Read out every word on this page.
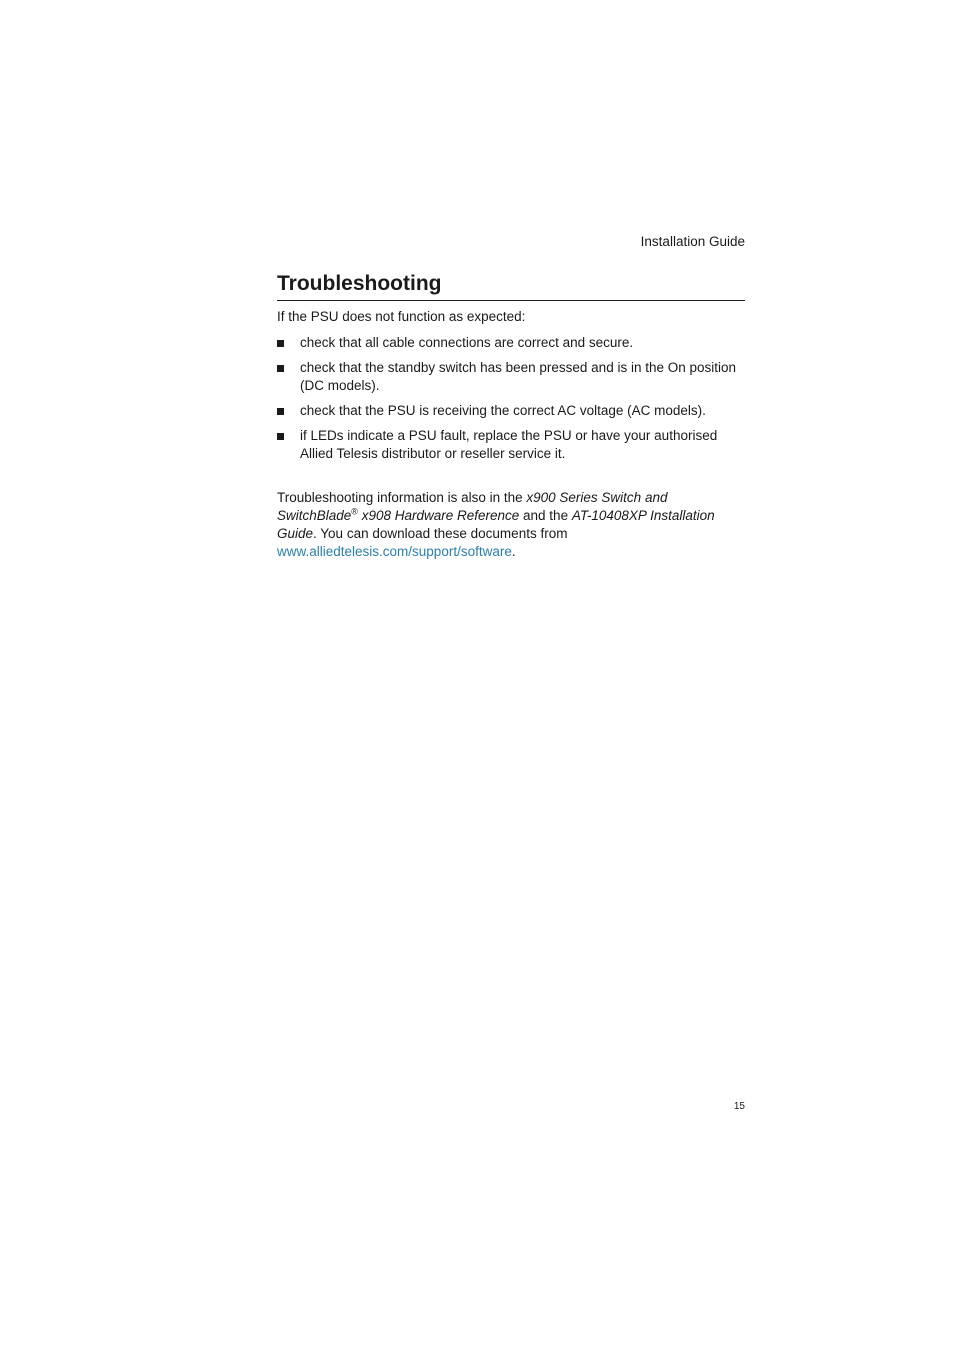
Installation Guide
Troubleshooting

If the PSU does not function as expected:

check that all cable connections are correct and secure.
check that the standby switch has been pressed and is in the On position (DC models).
check that the PSU is receiving the correct AC voltage (AC models).
if LEDs indicate a PSU fault, replace the PSU or have your authorised Allied Telesis distributor or reseller service it.

Troubleshooting information is also in the x900 Series Switch and SwitchBlade® x908 Hardware Reference and the AT-10408XP Installation Guide. You can download these documents from www.alliedtelesis.com/support/software.

15
